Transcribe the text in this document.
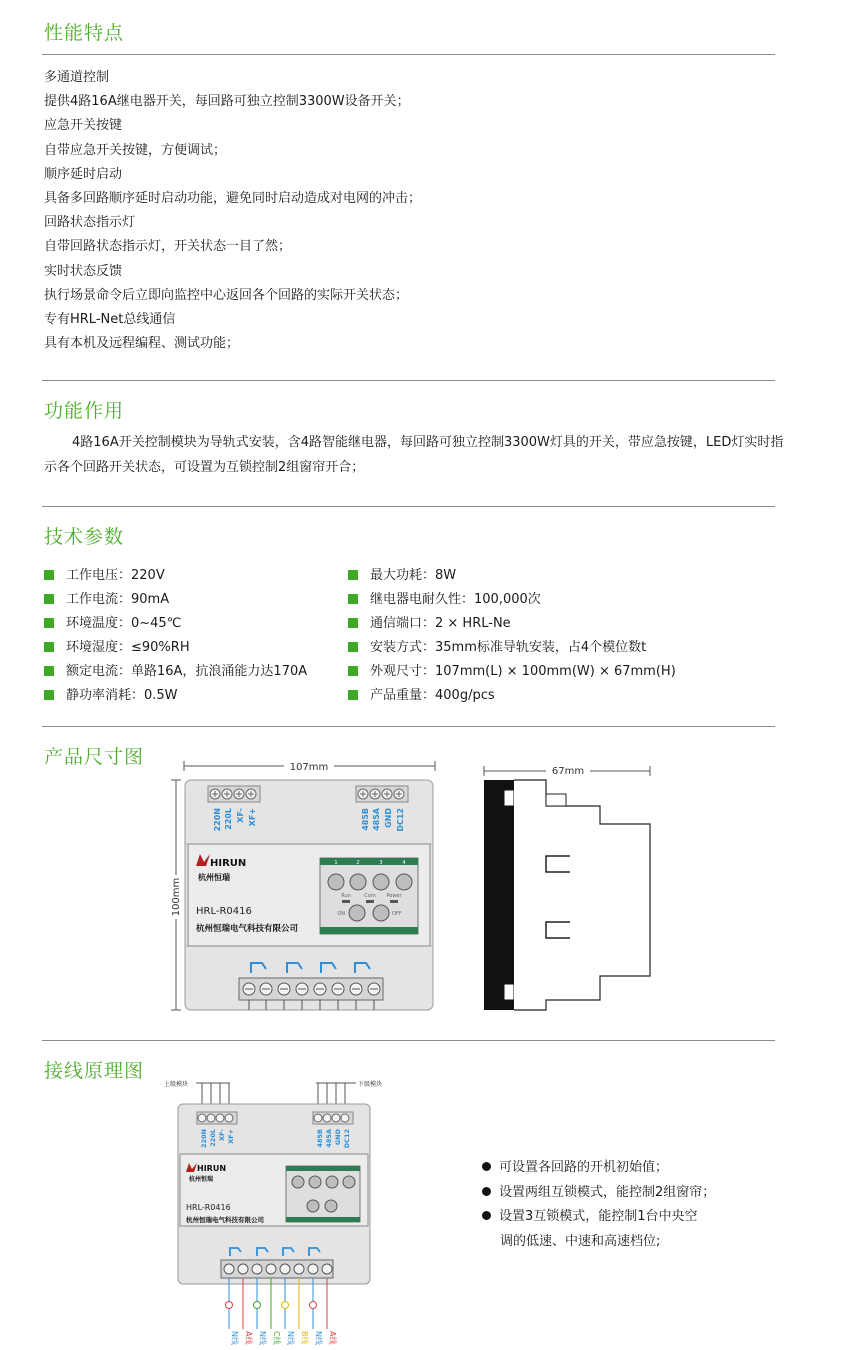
性能特点
多通道控制
提供4路16A继电器开关，每回路可独立控制3300W设备开关；
应急开关按键
自带应急开关按键，方便调试；
顺序延时启动
具备多回路顺序延时启动功能，避免同时启动造成对电网的冲击；
回路状态指示灯
自带回路状态指示灯，开关状态一目了然；
实时状态反馈
执行场景命令后立即向监控中心返回各个回路的实际开关状态；
专有HRL-Net总线通信
具有本机及远程编程、测试功能；
功能作用
4路16A开关控制模块为导轨式安装，含4路智能继电器，每回路可独立控制3300W灯具的开关，带应急按键，LED灯实时指示各个回路开关状态，可设置为互锁控制2组窗帘开合；
技术参数
工作电压：220V
工作电流：90mA
环境温度：0~45℃
环境湿度：≤90%RH
额定电流：单路16A，抗浪涌能力达170A
静功率消耗：0.5W
最大功耗：8W
继电器电耐久性：100,000次
通信端口：2 × HRL-Ne
安装方式：35mm标准导轨安装，占4个模位数t
外观尺寸：107mm(L) × 100mm(W) × 67mm(H)
产品重量：400g/pcs
产品尺寸图	107mm
100mm
220N 220L XF- XF+	485B 485A GND DC12
HIRUN
杭州恒瑞
HRL-R0416
杭州恒瑞电气科技有限公司
1	2	3	4
Run	Com Power
ON	OFF
67mm
接线原理图
上级模块	下级模块
220N 220L XF- XF+	485B 485A GND DC12
HIRUN
杭州恒瑞
HRL-R0416
杭州恒瑞电气科技有限公司
N线 A线 N线 C线 N线 B线 N线 A线
可设置各回路的开机初始值；
设置两组互锁模式，能控制2组窗帘；
设置3互锁模式，能控制1台中央空
调的低速、中速和高速档位;
